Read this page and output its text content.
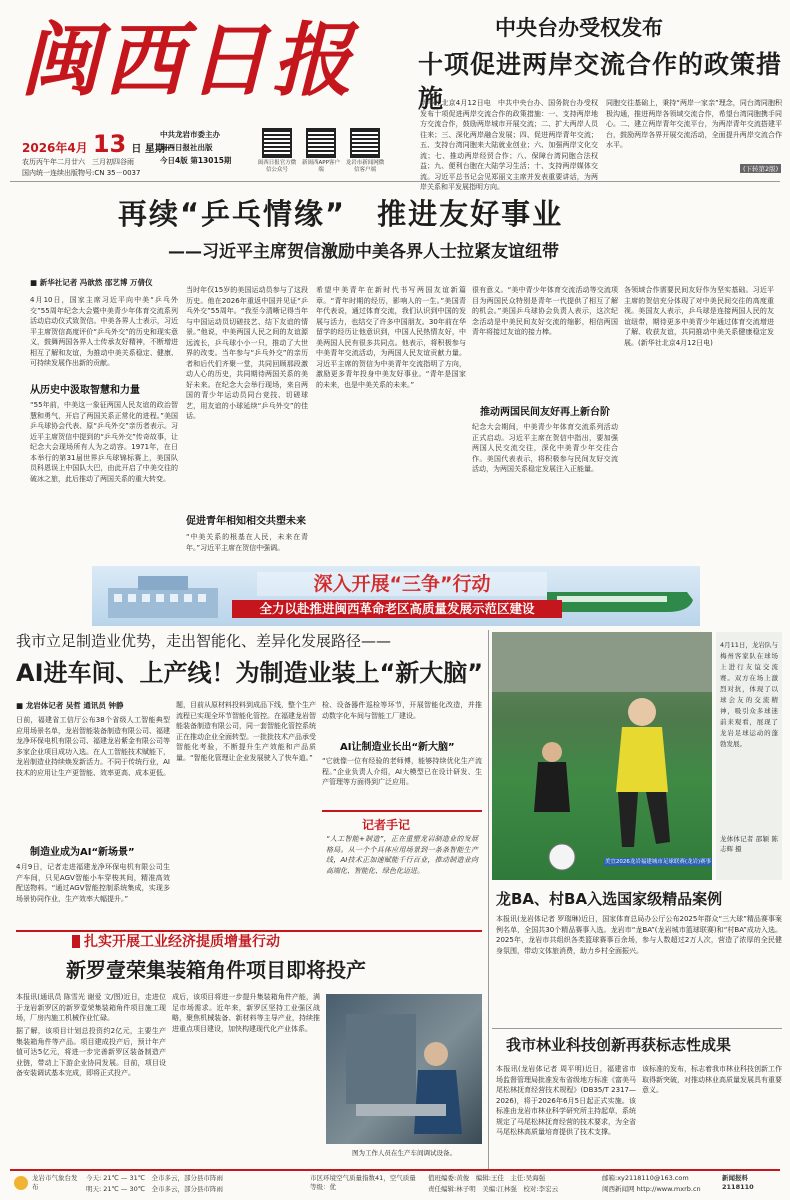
闽西日报
2026年4月 13 日 星期一
农历丙午年二月廿六　三月初四谷雨
国内统一连续出版物号:CN 35－0037
中共龙岩市委主办
闽西日报社出版
今日4版 第13015期	闽西日报官方微信公众号
新闽西APP客户端
龙岩市新闻网微信客户端
中央台办受权发布
十项促进两岸交流合作的政策措施
新华社北京4月12日电　中共中央台办、国务院台办受权发布十项促进两岸交流合作的政策措施：一、支持两岸地方交流合作，鼓励两岸城市开展交流；二、扩大两岸人员往来；三、深化两岸融合发展；四、促进两岸青年交流；五、支持台湾同胞来大陆就业创业；六、加强两岸文化交流；七、推动两岸经贸合作；八、保障台湾同胞合法权益；九、便利台胞在大陆学习生活；十、支持两岸媒体交流。习近平总书记会见郑丽文主席并发表重要讲话，为两岸关系和平发展指明方向。
同胞交往基础上，秉持“两岸一家亲”理念，同台湾同胞积极沟通，推进两岸各领域交流合作，希望台湾同胞携手同心。二、建立两岸青年交流平台，为两岸青年交流搭建平台，鼓励两岸各界开展交流活动，全面提升两岸交流合作水平。
(下转第2版)
再续“乒乓情缘”　推进友好事业
——习近平主席贺信激励中美各界人士拉紧友谊纽带
■ 新华社记者 冯歆然 邵艺博 万倩仪
4月10日，国家主席习近平向中美“乒乓外交”55周年纪念大会暨中美青少年体育交流系列活动启动仪式致贺信。中美各界人士表示，习近平主席贺信高度评价“乒乓外交”的历史和现实意义，鼓舞两国各界人士传承友好精神，不断增进相互了解和友谊，为推动中美关系稳定、健康、可持续发展作出新的贡献。
从历史中汲取智慧和力量
“55年前，中美这一象征两国人民友谊的政治智慧和勇气，开启了两国关系正常化的进程。”美国乒乓球协会代表、原“乒乓外交”亲历者表示。习近平主席贺信中提到的“乒乓外交”传奇故事，让纪念大会现场所有人为之动容。1971年，在日本举行的第31届世界乒乓球锦标赛上，美国队员科恩误上中国队大巴，由此开启了中美交往的破冰之旅，此后推动了两国关系的重大转变。
当时年仅15岁的美国运动员参与了这段历史。他在2026年重返中国并见证“乒乓外交”55周年。“我至今清晰记得当年与中国运动员切磋技艺、结下友谊的情景。”他说，中美两国人民之间的友谊源远流长，乒乓球小小一只，推动了大世界的改变。当年参与“乒乓外交”的亲历者和后代们齐聚一堂，共同回顾那段激动人心的历史，共同期待两国关系的美好未来。在纪念大会举行现场，来自两国的青少年运动员同台竞技、切磋球艺，用友谊的小球延续“乒乓外交”的佳话。
促进青年相知相交共塑未来
“中美关系的根基在人民，未来在青年。”习近平主席在贺信中强调。
希望中美青年在新时代书写两国友谊新篇章。“青年时期的经历，影响人的一生。”美国青年代表说，通过体育交流，我们认识到中国的发展与活力，也结交了许多中国朋友。30年前在华留学的经历让他意识到，中国人民热情友好，中美两国人民有很多共同点。他表示，将积极参与中美青年交流活动，为两国人民友谊贡献力量。习近平主席的贺信为中美青年交流指明了方向，激励更多青年投身中美友好事业。“青年是国家的未来，也是中美关系的未来。”
很有意义。“美中青少年体育交流活动等交流项目为两国民众特别是青年一代提供了相互了解的机会。”美国乒乓球协会负责人表示，这次纪念活动是中美民间友好交流的缩影，相信两国青年将接过友谊的接力棒。
推动两国民间友好再上新台阶
纪念大会期间，中美青少年体育交流系列活动正式启动。习近平主席在贺信中指出，要加强两国人民交流交往，深化中美青少年交往合作。美国代表表示，将积极参与民间友好交流活动，为两国关系稳定发展注入正能量。
各领域合作需要民间友好作为坚实基础。习近平主席的贺信充分体现了对中美民间交往的高度重视。美国友人表示，乒乓球是连接两国人民的友谊纽带，期待更多中美青少年通过体育交流增进了解、收获友谊，共同推动中美关系健康稳定发展。(新华社北京4月12日电)
深入开展“三争”行动
全力以赴推进闽西革命老区高质量发展示范区建设
我市立足制造业优势，走出智能化、差异化发展路径——
AI进车间、上产线！为制造业装上“新大脑”
■ 龙岩体记者 吴哲 通讯员 钟静
日前，福建省工信厅公布38个省级人工智能典型应用场景名单，龙岩智能装备制造有限公司、福建龙净环保电机有限公司、福建龙岩紫金有限公司等多家企业项目成功入选。在人工智能技术赋能下，龙岩制造业持续焕发新活力。不同于传统行业，AI技术的应用让生产更智能、效率更高、成本更低。
制造业成为AI“新场景”
4月9日，记者走进福建龙净环保电机有限公司生产车间，只见AGV智能小车穿梭其间，精准高效配送物料。“通过AGV智能控制系统集成，实现多场景协同作业，生产效率大幅提升。”
题，目前从原材料投料到成品下线，整个生产流程已实现全环节智能化管控。在福建龙岩智能装备制造有限公司，同一套智能化管控系统正在推动企业全面转型。一批批技术产品承受智能化考验，不断提升生产效能和产品质量。“智能化管理让企业发展驶入了快车道。”
检、设备器件巡检等环节，开展智能化改造，并推动数字化车间与智能工厂建设。
AI让制造业长出“新大脑”
“它就像一位有经验的老师傅，能够持续优化生产流程。”企业负责人介绍，AI大模型已在设计研发、生产管理等方面得到广泛应用。
记者手记
“人工智能+制造”，正在重塑龙岩制造业的发展格局。从一个个具体应用场景到一条条智能生产线，AI技术正加速赋能千行百业，推动制造业向高端化、智能化、绿色化迈进。
4月11日，龙岩队与梅州客家队在球场上进行友谊交流赛。双方在场上激烈对抗，体现了以球会友的交流精神，吸引众多球迷前来观看，展现了龙岩足球运动的蓬勃发展。
龙体体记者 邵颖 陈志辉 摄
美宜2026龙岩福建城市足球联赛(龙岩)赛事
龙BA、村BA入选国家级精品案例
本报讯(龙岩体记者 罗瑞琳)近日，国家体育总局办公厅公布2025年群众“三大球”精品赛事案例名单，全国共30个精品赛事入选。龙岩市“龙BA”(龙岩城市篮球联赛)和“村BA”成功入选。2025年，龙岩市共组织各类篮球赛事百余场，参与人数超过2万人次，营造了浓厚的全民健身氛围，带动文体旅消费，助力乡村全面振兴。
我市林业科技创新再获标志性成果
本报讯(龙岩体记者 周平明)近日，福建省市场监督管理局批准发布省级地方标准《富美马尾松林抚育经营技术规程》(DB35/T 2317—2026)，将于2026年6月5日起正式实施。该标准由龙岩市林业科学研究所主持起草，系统规定了马尾松林抚育经营的技术要求，为全省马尾松林高质量培育提供了技术支撑。
该标准的发布，标志着我市林业科技创新工作取得新突破，对推动林业高质量发展具有重要意义。
扎实开展工业经济提质增量行动
新罗壹荣集装箱角件项目即将投产
本报讯(通讯员 陈雪光 谢爱 文/图)近日，走进位于龙岩新罗区的新罗壹荣集装箱角件项目施工现场，厂房内施工机械作业忙碌。
据了解，该项目计划总投资约2亿元，主要生产集装箱角件等产品。项目建成投产后，预计年产值可达5亿元，将进一步完善新罗区装备制造产业链，带动上下游企业协同发展。目前，项目设备安装调试基本完成，即将正式投产。
成后，该项目将进一步提升集装箱角件产能，满足市场需求。近年来，新罗区坚持工业强区战略，聚焦机械装备、新材料等主导产业，持续推进重点项目建设，加快构建现代化产业体系。
图为工作人员在生产车间调试设备。
龙岩市气象台发布
今天: 21℃ — 31℃　全市多云，部分县市阵雨
明天: 21℃ — 30℃　全市多云，部分县市阵雨
市区环境空气质量指数41，空气质量等级：优
值班编委:黄俊　编辑:王佳　主任:吴海强
责任编辑:林子明　美编:江林强　校对:李宏云
邮箱:xy2118110@163.com
闽西新闻网 http://www.mxrb.cn
新闻报料 2118110
